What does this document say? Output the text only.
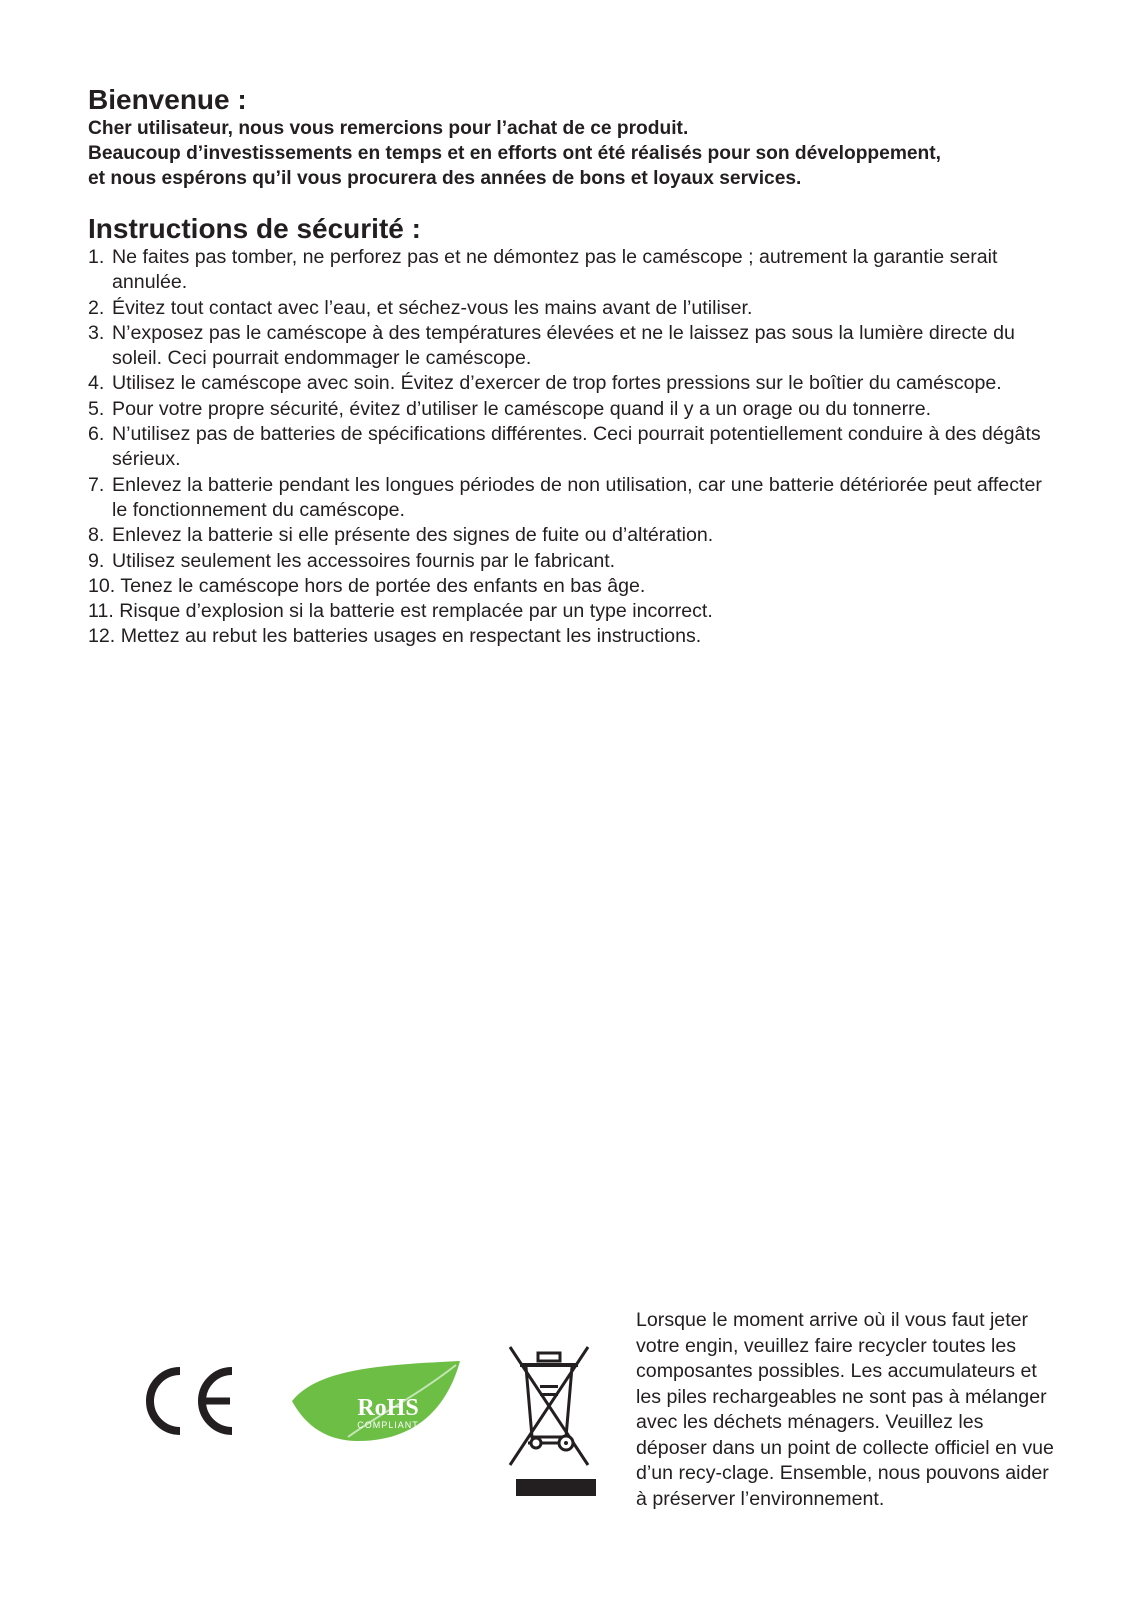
Bienvenue :

Cher utilisateur, nous vous remercions pour l’achat de ce produit.

Beaucoup d’investissements en temps et en efforts ont été réalisés pour son développement,

et nous espérons qu’il vous procurera des années de bons et loyaux services.

Instructions de sécurité :
1. Ne faites pas tomber, ne perforez pas et ne démontez pas le caméscope ; autrement la garantie serait annulée.
2. Évitez tout contact avec l’eau, et séchez-vous les mains avant de l’utiliser.
3. N’exposez pas le caméscope à des températures élevées et ne le laissez pas sous la lumière directe du soleil. Ceci pourrait endommager le caméscope.
4. Utilisez le caméscope avec soin. Évitez d’exercer de trop fortes pressions sur le boîtier du caméscope.
5. Pour votre propre sécurité, évitez d’utiliser le caméscope quand il y a un orage ou du tonnerre.
6. N’utilisez pas de batteries de spécifications différentes. Ceci pourrait potentiellement conduire à des dégâts sérieux.
7. Enlevez la batterie pendant les longues périodes de non utilisation, car une batterie détériorée peut affecter le fonctionnement du caméscope.
8. Enlevez la batterie si elle présente des signes de fuite ou d’altération.
9. Utilisez seulement les accessoires fournis par le fabricant.
10. Tenez le caméscope hors de portée des enfants en bas âge.
11. Risque d’explosion si la batterie est remplacée par un type incorrect.
12. Mettez au rebut les batteries usages en respectant les instructions.
RoHS
COMPLIANT
Lorsque le moment arrive où il vous faut jeter votre engin, veuillez faire recycler toutes les composantes possibles. Les accumulateurs et les piles rechargeables ne sont pas à mélanger avec les déchets ménagers. Veuillez les déposer dans un point de collecte officiel en vue d’un recy-clage. Ensemble, nous pouvons aider à préserver l’environnement.
